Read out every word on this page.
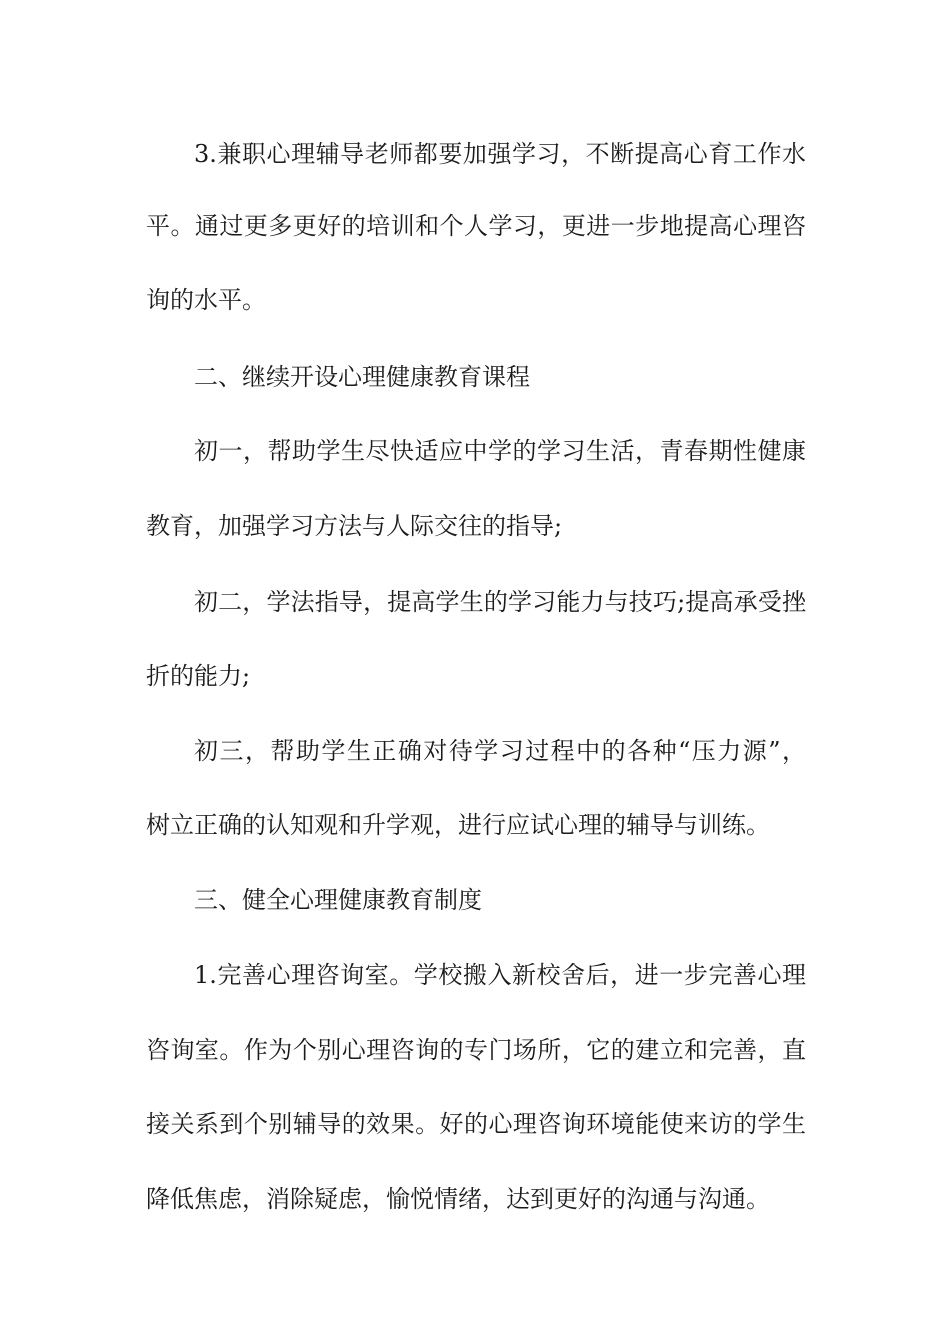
3.兼职心理辅导老师都要加强学习，不断提高心育工作水
平。通过更多更好的培训和个人学习，更进一步地提高心理咨
询的水平。
二、继续开设心理健康教育课程
初一，帮助学生尽快适应中学的学习生活，青春期性健康
教育，加强学习方法与人际交往的指导;
初二，学法指导，提高学生的学习能力与技巧;提高承受挫
折的能力;
初三，帮助学生正确对待学习过程中的各种“压力源”，
树立正确的认知观和升学观，进行应试心理的辅导与训练。
三、健全心理健康教育制度
1.完善心理咨询室。学校搬入新校舍后，进一步完善心理
咨询室。作为个别心理咨询的专门场所，它的建立和完善，直
接关系到个别辅导的效果。好的心理咨询环境能使来访的学生
降低焦虑，消除疑虑，愉悦情绪，达到更好的沟通与沟通。
